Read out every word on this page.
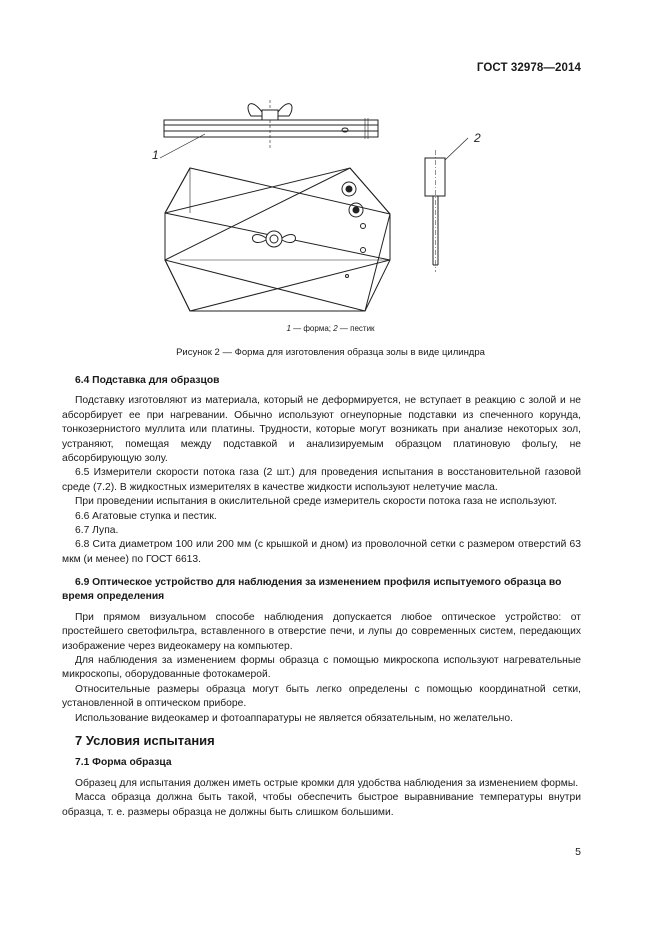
ГОСТ 32978—2014
1
2
1 — форма; 2 — пестик
Рисунок 2 — Форма для изготовления образца золы в виде цилиндра

6.4 Подставка для образцов

Подставку изготовляют из материала, который не деформируется, не вступает в реакцию с золой и не абсорбирует ее при нагревании. Обычно используют огнеупорные подставки из спеченного корунда, тонкозернистого муллита или платины. Трудности, которые могут возникать при анализе некоторых зол, устраняют, помещая между подставкой и анализируемым образцом платиновую фольгу, не абсорбирующую золу.

6.5 Измерители скорости потока газа (2 шт.) для проведения испытания в восстановительной газовой среде (7.2). В жидкостных измерителях в качестве жидкости используют нелетучие масла.

При проведении испытания в окислительной среде измеритель скорости потока газа не используют.

6.6 Агатовые ступка и пестик.

6.7 Лупа.

6.8 Сита диаметром 100 или 200 мм (с крышкой и дном) из проволочной сетки с размером отверстий 63 мкм (и менее) по ГОСТ 6613.

6.9 Оптическое устройство для наблюдения за изменением профиля испытуемого образца во время определения

При прямом визуальном способе наблюдения допускается любое оптическое устройство: от простейшего светофильтра, вставленного в отверстие печи, и лупы до современных систем, передающих изображение через видеокамеру на компьютер.

Для наблюдения за изменением формы образца с помощью микроскопа используют нагревательные микроскопы, оборудованные фотокамерой.

Относительные размеры образца могут быть легко определены с помощью координатной сетки, установленной в оптическом приборе.

Использование видеокамер и фотоаппаратуры не является обязательным, но желательно.

7 Условия испытания

7.1 Форма образца

Образец для испытания должен иметь острые кромки для удобства наблюдения за изменением формы.

Масса образца должна быть такой, чтобы обеспечить быстрое выравнивание температуры внутри образца, т. е. размеры образца не должны быть слишком большими.

5
